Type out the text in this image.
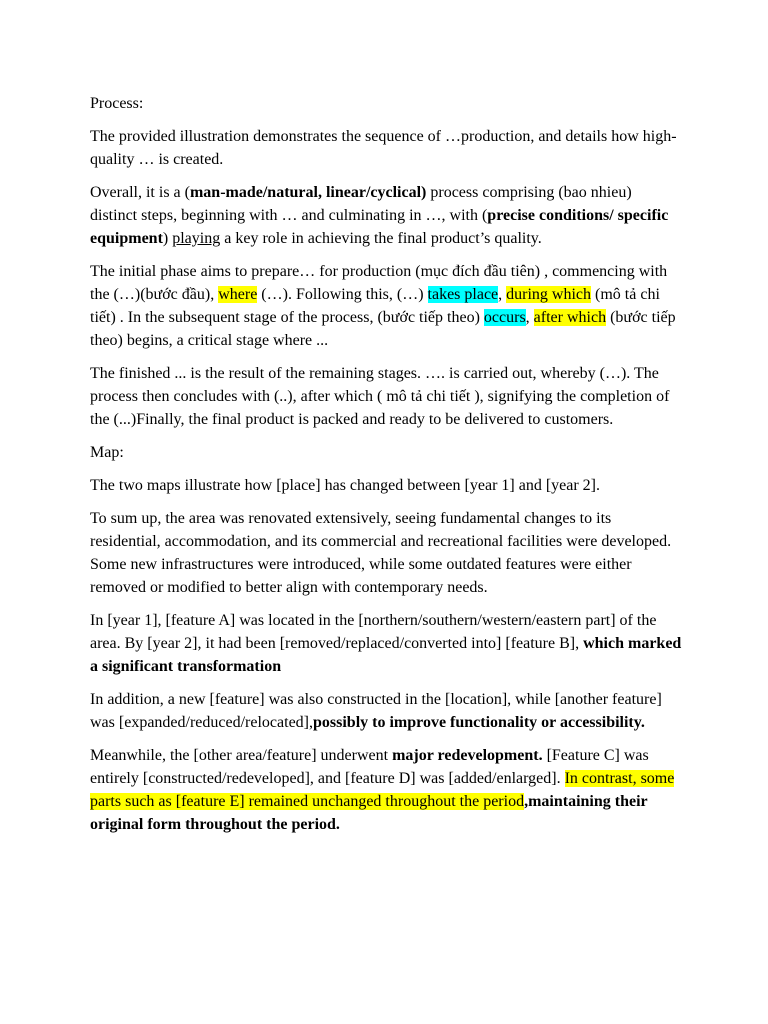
Process:

The provided illustration demonstrates the sequence of …production, and details how high-quality … is created.

Overall, it is a (man-made/natural, linear/cyclical) process comprising (bao nhieu) distinct steps, beginning with … and culminating in …, with (precise conditions/ specific equipment) playing a key role in achieving the final product’s quality.

The initial phase aims to prepare… for production (mục đích đầu tiên) , commencing with the (…)(bước đầu), where (…). Following this, (…) takes place, during which (mô tả chi tiết) . In the subsequent stage of the process, (bước tiếp theo) occurs, after which (bước tiếp theo) begins, a critical stage where ...

The finished ... is the result of the remaining stages. …. is carried out, whereby (…). The process then concludes with (..), after which ( mô tả chi tiết ), signifying the completion of the (...)Finally, the final product is packed and ready to be delivered to customers.

Map:

The two maps illustrate how [place] has changed between [year 1] and [year 2].

To sum up, the area was renovated extensively, seeing fundamental changes to its residential, accommodation, and its commercial and recreational facilities were developed. Some new infrastructures were introduced, while some outdated features were either removed or modified to better align with contemporary needs.

In [year 1], [feature A] was located in the [northern/southern/western/eastern part] of the area. By [year 2], it had been [removed/replaced/converted into] [feature B], which marked a significant transformation

In addition, a new [feature] was also constructed in the [location], while [another feature] was [expanded/reduced/relocated],possibly to improve functionality or accessibility.

Meanwhile, the [other area/feature] underwent major redevelopment. [Feature C] was entirely [constructed/redeveloped], and [feature D] was [added/enlarged]. In contrast, some parts such as [feature E] remained unchanged throughout the period,maintaining their original form throughout the period.
